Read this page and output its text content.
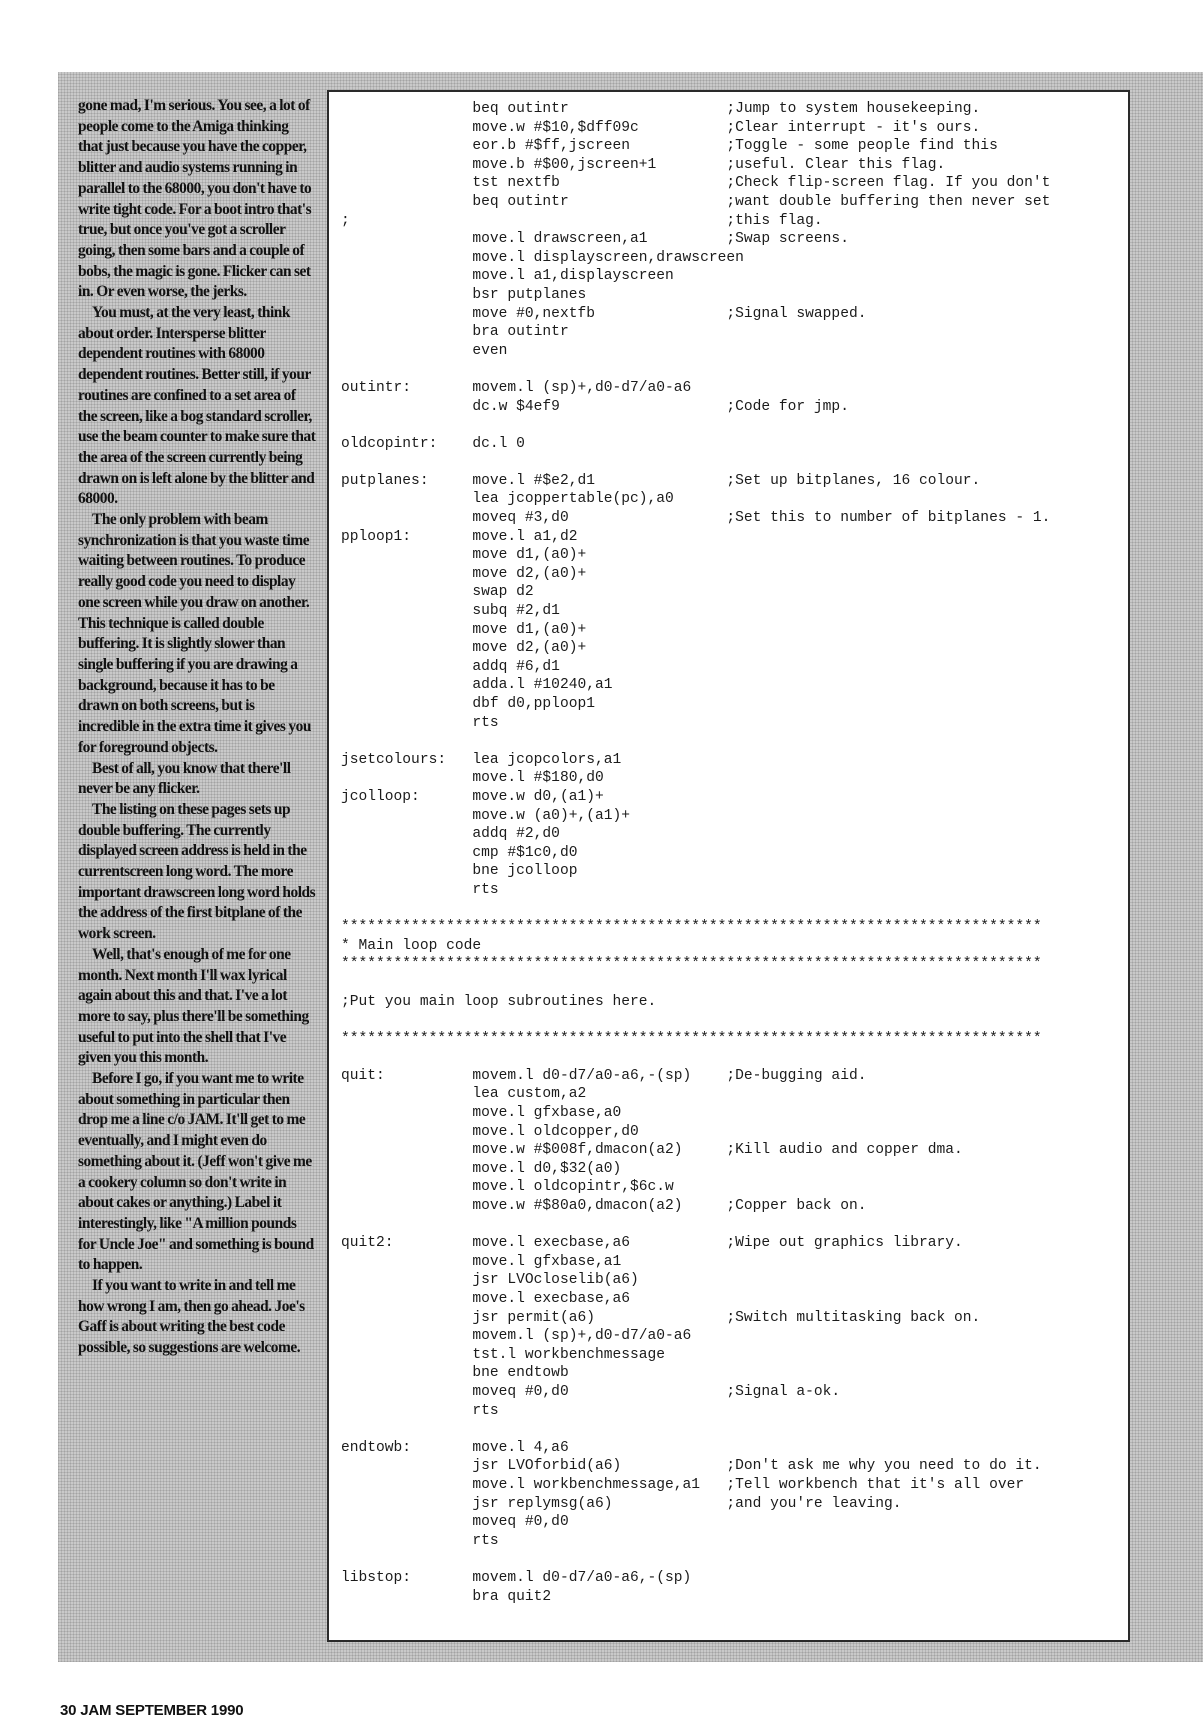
gone mad, I'm serious. You see, a lot of people come to the Amiga thinking that just because you have the copper, blitter and audio systems running in parallel to the 68000, you don't have to write tight code. For a boot intro that's true, but once you've got a scroller going, then some bars and a couple of bobs, the magic is gone. Flicker can set in. Or even worse, the jerks.

You must, at the very least, think about order. Intersperse blitter dependent routines with 68000 dependent routines. Better still, if your routines are confined to a set area of the screen, like a bog standard scroller, use the beam counter to make sure that the area of the screen currently being drawn on is left alone by the blitter and 68000.

The only problem with beam synchronization is that you waste time waiting between routines. To produce really good code you need to display one screen while you draw on another. This technique is called double buffering. It is slightly slower than single buffering if you are drawing a background, because it has to be drawn on both screens, but is incredible in the extra time it gives you for foreground objects.

Best of all, you know that there'll never be any flicker.

The listing on these pages sets up double buffering. The currently displayed screen address is held in the currentscreen long word. The more important drawscreen long word holds the address of the first bitplane of the work screen.

Well, that's enough of me for one month. Next month I'll wax lyrical again about this and that. I've a lot more to say, plus there'll be something useful to put into the shell that I've given you this month.

Before I go, if you want me to write about something in particular then drop me a line c/o JAM. It'll get to me eventually, and I might even do something about it. (Jeff won't give me a cookery column so don't write in about cakes or anything.) Label it interestingly, like "A million pounds for Uncle Joe" and something is bound to happen.

If you want to write in and tell me how wrong I am, then go ahead. Joe's Gaff is about writing the best code possible, so suggestions are welcome.

beq outintr                  ;Jump to system housekeeping.
move.w #$10,$dff09c          ;Clear interrupt - it's ours.
eor.b #$ff,jscreen           ;Toggle - some people find this
move.b #$00,jscreen+1        ;useful. Clear this flag.
tst nextfb                   ;Check flip-screen flag. If you don't
beq outintr                  ;want double buffering then never set
;                                           ;this flag.
move.l drawscreen,a1         ;Swap screens.
move.l displayscreen,drawscreen
move.l a1,displayscreen
bsr putplanes
move #0,nextfb               ;Signal swapped.
bra outintr
even
outintr:       movem.l (sp)+,d0-d7/a0-a6
dc.w $4ef9                   ;Code for jmp.
oldcopintr:    dc.l 0
putplanes:     move.l #$e2,d1               ;Set up bitplanes, 16 colour.
lea jcoppertable(pc),a0
moveq #3,d0                  ;Set this to number of bitplanes - 1.
pploop1:       move.l a1,d2
move d1,(a0)+
move d2,(a0)+
swap d2
subq #2,d1
move d1,(a0)+
move d2,(a0)+
addq #6,d1
adda.l #10240,a1
dbf d0,pploop1
rts
jsetcolours:   lea jcopcolors,a1
move.l #$180,d0
jcolloop:      move.w d0,(a1)+
move.w (a0)+,(a1)+
addq #2,d0
cmp #$1c0,d0
bne jcolloop
rts
********************************************************************************
* Main loop code
********************************************************************************
;Put you main loop subroutines here.
********************************************************************************
quit:          movem.l d0-d7/a0-a6,-(sp)    ;De-bugging aid.
lea custom,a2
move.l gfxbase,a0
move.l oldcopper,d0
move.w #$008f,dmacon(a2)     ;Kill audio and copper dma.
move.l d0,$32(a0)
move.l oldcopintr,$6c.w
move.w #$80a0,dmacon(a2)     ;Copper back on.
quit2:         move.l execbase,a6           ;Wipe out graphics library.
move.l gfxbase,a1
jsr LVOcloselib(a6)
move.l execbase,a6
jsr permit(a6)               ;Switch multitasking back on.
movem.l (sp)+,d0-d7/a0-a6
tst.l workbenchmessage
bne endtowb
moveq #0,d0                  ;Signal a-ok.
rts
endtowb:       move.l 4,a6
jsr LVOforbid(a6)            ;Don't ask me why you need to do it.
move.l workbenchmessage,a1   ;Tell workbench that it's all over
jsr replymsg(a6)             ;and you're leaving.
moveq #0,d0
rts
libstop:       movem.l d0-d7/a0-a6,-(sp)
bra quit2
30 JAM SEPTEMBER 1990
